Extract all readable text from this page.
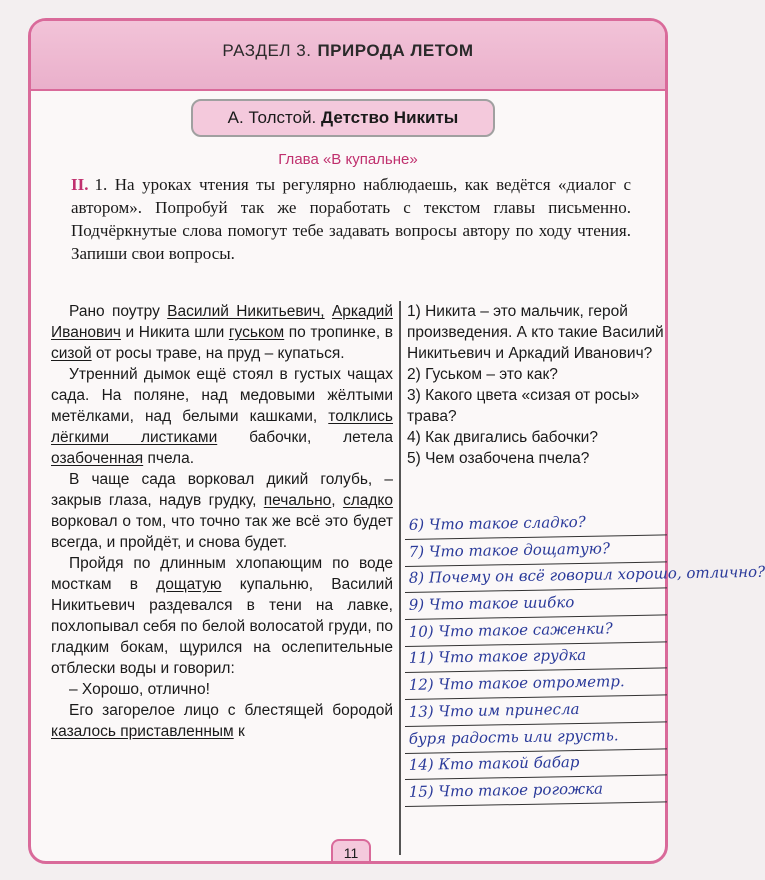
РАЗДЕЛ 3. ПРИРОДА ЛЕТОМ
А. Толстой. Детство Никиты
Глава «В купальне»
II. 1. На уроках чтения ты регулярно наблюдаешь, как ведётся «диалог с автором». Попробуй так же поработать с текстом главы письменно. Подчёркнутые слова помогут тебе задавать вопросы автору по ходу чтения. Запиши свои вопросы.

Рано поутру Василий Никитьевич, Аркадий Иванович и Никита шли гуськом по тропинке, в сизой от росы траве, на пруд – купаться.

Утренний дымок ещё стоял в густых чащах сада. На поляне, над медовыми жёлтыми метёлками, над белыми кашками, толклись лёгкими листиками бабочки, летела озабоченная пчела.

В чаще сада ворковал дикий голубь, – закрыв глаза, надув грудку, печально, сладко ворковал о том, что точно так же всё это будет всегда, и пройдёт, и снова будет.

Пройдя по длинным хлопающим по воде мосткам в дощатую купальню, Василий Никитьевич раздевался в тени на лавке, похлопывал себя по белой волосатой груди, по гладким бокам, щурился на ослепительные отблески воды и говорил:

– Хорошо, отлично!

Его загорелое лицо с блестящей бородой казалось приставленным к

1) Никита – это мальчик, герой произведения. А кто такие Василий Никитьевич и Аркадий Иванович?

2) Гуськом – это как?

3) Какого цвета «сизая от росы» трава?

4) Как двигались бабочки?

5) Чем озабочена пчела?

6) Что такое сладко?
7) Что такое дощатую?
8) Почему он всё говорил хорошо, отлично?
9) Что такое шибко
10) Что такое саженки?
11) Что такое грудка
12) Что такое отрометр.
13) Что им принесла
буря радость или грусть.
14) Кто такой бабар
15) Что такое рогожка
11
